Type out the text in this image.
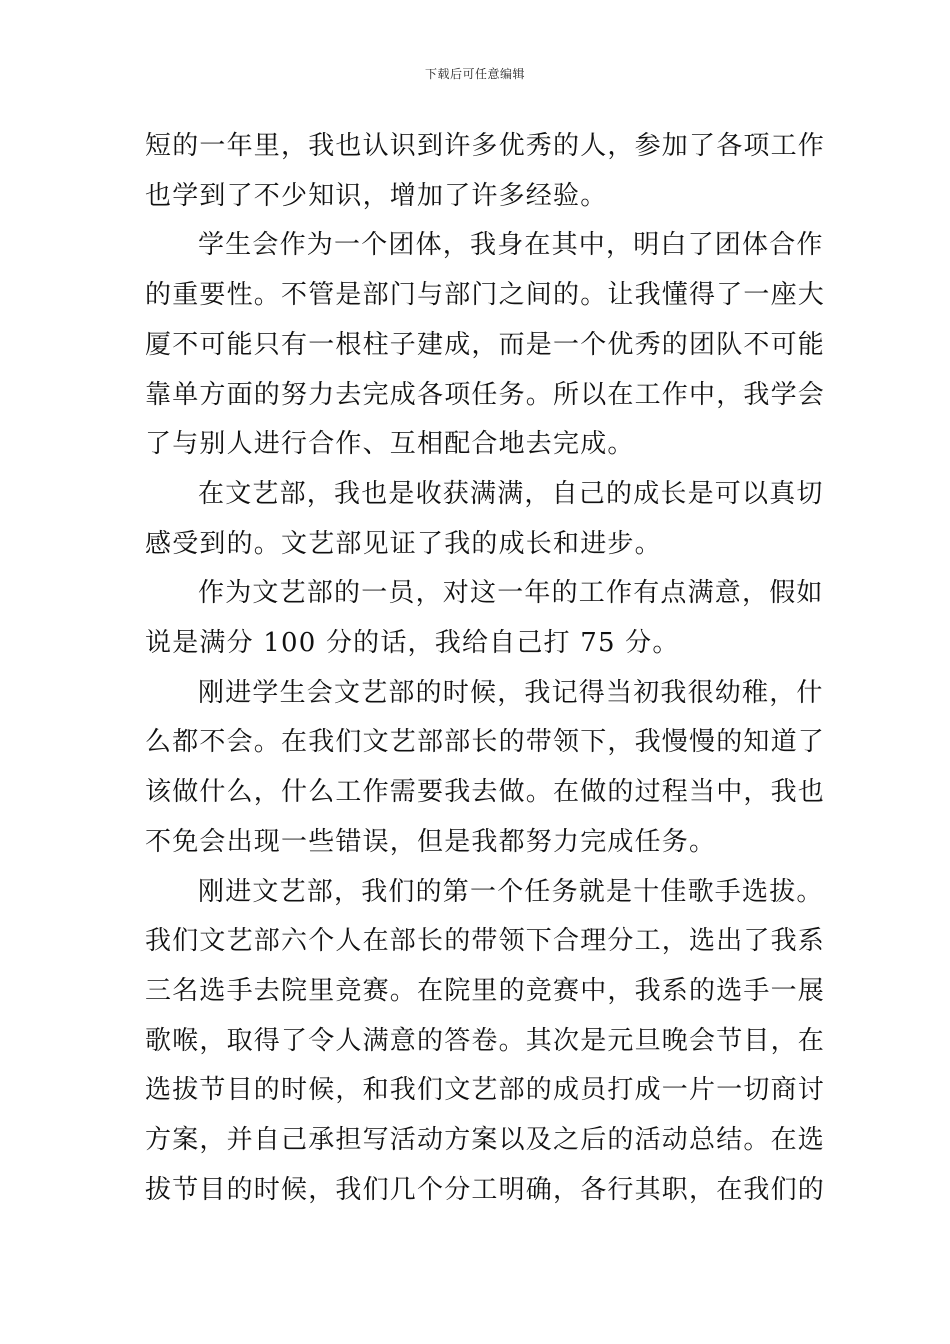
下载后可任意编辑

短的一年里，我也认识到许多优秀的人，参加了各项工作
也学到了不少知识，增加了许多经验。

学生会作为一个团体，我身在其中，明白了团体合作
的重要性。不管是部门与部门之间的。让我懂得了一座大
厦不可能只有一根柱子建成，而是一个优秀的团队不可能
靠单方面的努力去完成各项任务。所以在工作中，我学会
了与别人进行合作、互相配合地去完成。

在文艺部，我也是收获满满，自己的成长是可以真切
感受到的。文艺部见证了我的成长和进步。

作为文艺部的一员，对这一年的工作有点满意，假如
说是满分 100 分的话，我给自己打 75 分。

刚进学生会文艺部的时候，我记得当初我很幼稚，什
么都不会。在我们文艺部部长的带领下，我慢慢的知道了
该做什么，什么工作需要我去做。在做的过程当中，我也
不免会出现一些错误，但是我都努力完成任务。

刚进文艺部，我们的第一个任务就是十佳歌手选拔。
我们文艺部六个人在部长的带领下合理分工，选出了我系
三名选手去院里竞赛。在院里的竞赛中，我系的选手一展
歌喉，取得了令人满意的答卷。其次是元旦晚会节目，在
选拔节目的时候，和我们文艺部的成员打成一片一切商讨
方案，并自己承担写活动方案以及之后的活动总结。在选
拔节目的时候，我们几个分工明确，各行其职，在我们的
